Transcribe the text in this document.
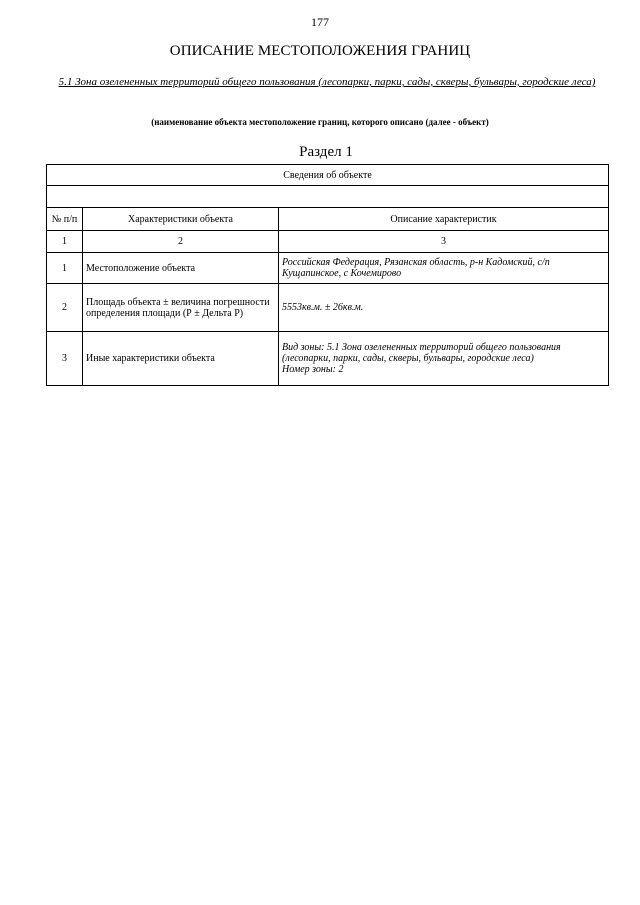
177
ОПИСАНИЕ МЕСТОПОЛОЖЕНИЯ ГРАНИЦ
5.1 Зона озелененных территорий общего пользования (лесопарки, парки, сады, скверы, бульвары, городские леса)
(наименование объекта местоположение границ, которого описано (далее - объект)
Раздел 1
Сведения об объекте		

№ п/п	Характеристики объекта	Описание характеристик
1	2	3
1	Местоположение объекта	Российская Федерация, Рязанская область, р-н Кадомский, с/п Кущапинское, с Кочемирово
2	Площадь объекта ± величина погрешности определения площади (Р ± Дельта Р)	5553кв.м. ± 26кв.м.
3	Иные характеристики объекта	Вид зоны: 5.1 Зона озелененных территорий общего пользования (лесопарки, парки, сады, скверы, бульвары, городские леса)
Номер зоны: 2
